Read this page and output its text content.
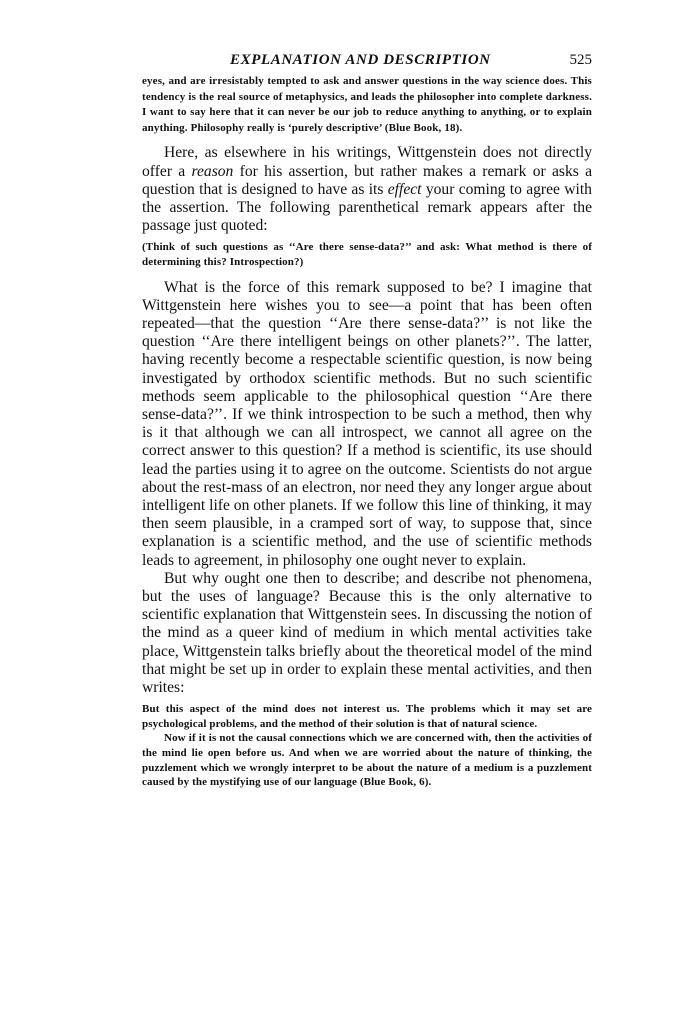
EXPLANATION AND DESCRIPTION	525

eyes, and are irresistably tempted to ask and answer questions in the way science does. This tendency is the real source of metaphysics, and leads the philosopher into complete darkness. I want to say here that it can never be our job to reduce anything to anything, or to explain anything. Philosophy really is ‘purely descriptive’ (Blue Book, 18).

Here, as elsewhere in his writings, Wittgenstein does not directly offer a reason for his assertion, but rather makes a remark or asks a question that is designed to have as its effect your coming to agree with the assertion. The following parenthetical remark appears after the passage just quoted:

(Think of such questions as ‘‘Are there sense-data?’’ and ask: What method is there of determining this? Introspection?)

What is the force of this remark supposed to be? I imagine that Wittgenstein here wishes you to see—a point that has been often repeated—that the question ‘‘Are there sense-data?’’ is not like the question ‘‘Are there intelligent beings on other planets?’’. The latter, having recently become a respectable scientific question, is now being investigated by orthodox scientific methods. But no such scientific methods seem applicable to the philosophical question ‘‘Are there sense-data?’’. If we think introspection to be such a method, then why is it that although we can all introspect, we cannot all agree on the correct answer to this question? If a method is scientific, its use should lead the parties using it to agree on the outcome. Scientists do not argue about the rest-mass of an electron, nor need they any longer argue about intelligent life on other planets. If we follow this line of thinking, it may then seem plausible, in a cramped sort of way, to suppose that, since explanation is a scientific method, and the use of scientific methods leads to agreement, in philosophy one ought never to explain.

But why ought one then to describe; and describe not phenomena, but the uses of language? Because this is the only alternative to scientific explanation that Wittgenstein sees. In discussing the notion of the mind as a queer kind of medium in which mental activities take place, Wittgenstein talks briefly about the theoretical model of the mind that might be set up in order to explain these mental activities, and then writes:

But this aspect of the mind does not interest us. The problems which it may set are psychological problems, and the method of their solution is that of natural science.

Now if it is not the causal connections which we are concerned with, then the activities of the mind lie open before us. And when we are worried about the nature of thinking, the puzzlement which we wrongly interpret to be about the nature of a medium is a puzzlement caused by the mystifying use of our language (Blue Book, 6).
